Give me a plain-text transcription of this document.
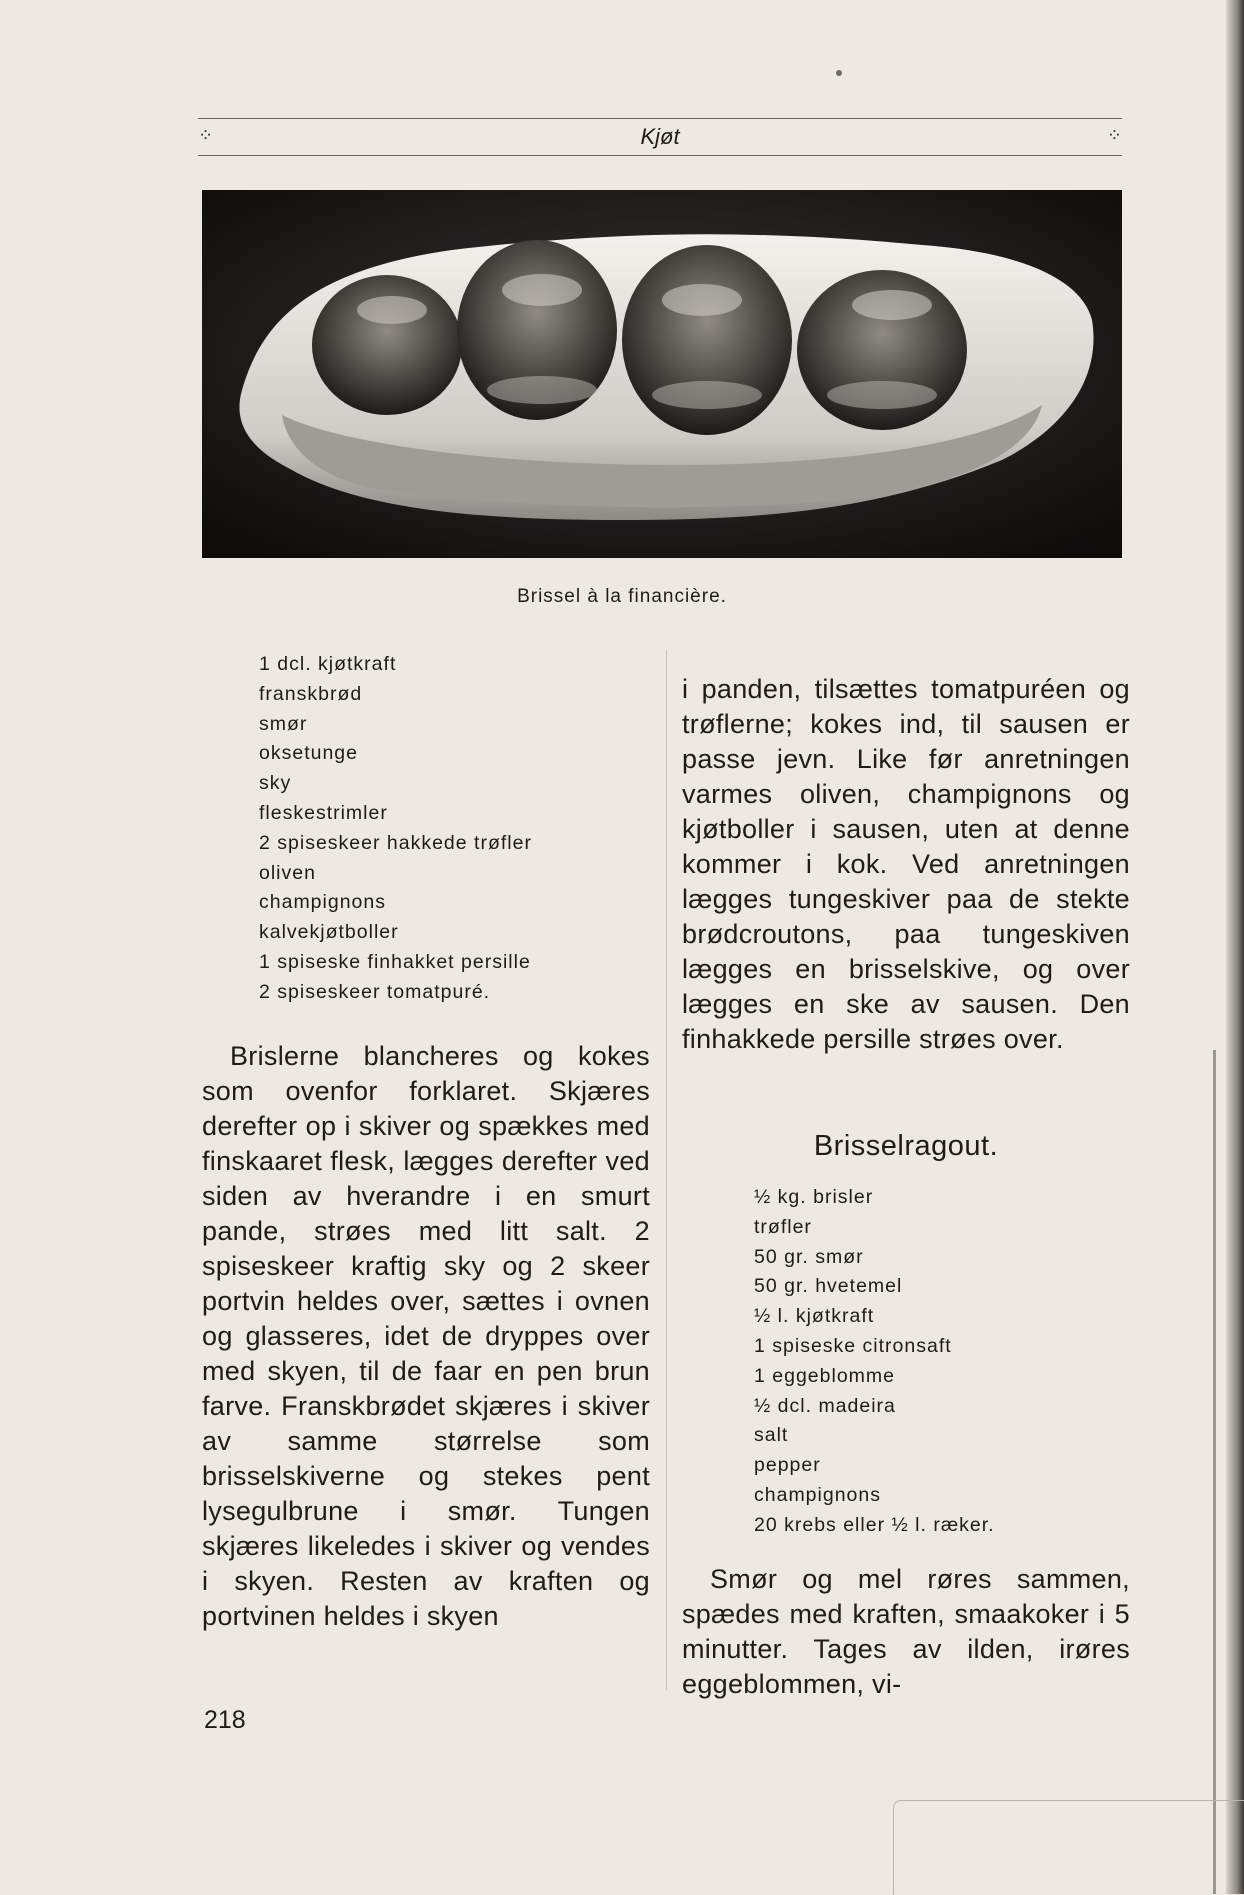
⁘	Kjøt	⁘
Brissel à la financière.
1 dcl. kjøtkraft
franskbrød
smør
oksetunge
sky
fleskestrimler
2 spiseskeer hakkede trøfler
oliven
champignons
kalvekjøtboller
1 spiseske finhakket persille
2 spiseskeer tomatpuré.

Brislerne blancheres og kokes som ovenfor forklaret. Skjæres derefter op i skiver og spækkes med finskaaret flesk, lægges derefter ved siden av hverandre i en smurt pande, strøes med litt salt. 2 spiseskeer kraftig sky og 2 skeer portvin heldes over, sættes i ovnen og glasseres, idet de dryppes over med skyen, til de faar en pen brun farve. Franskbrødet skjæres i skiver av samme størrelse som brisselskiverne og stekes pent lysegulbrune i smør. Tungen skjæres likeledes i skiver og vendes i skyen. Resten av kraften og portvinen heldes i skyen

i panden, tilsættes tomatpuréen og trøflerne; kokes ind, til sausen er passe jevn. Like før anretningen varmes oliven, champignons og kjøtboller i sausen, uten at denne kommer i kok. Ved anretningen lægges tungeskiver paa de stekte brødcroutons, paa tungeskiven lægges en brisselskive, og over lægges en ske av sausen. Den finhakkede persille strøes over.

Brisselragout.
½ kg. brisler
trøfler
50 gr. smør
50 gr. hvetemel
½ l. kjøtkraft
1 spiseske citronsaft
1 eggeblomme
½ dcl. madeira
salt
pepper
champignons
20 krebs eller ½ l. ræker.

Smør og mel røres sammen, spædes med kraften, smaakoker i 5 minutter. Tages av ilden, irøres eggeblommen, vi-

218
